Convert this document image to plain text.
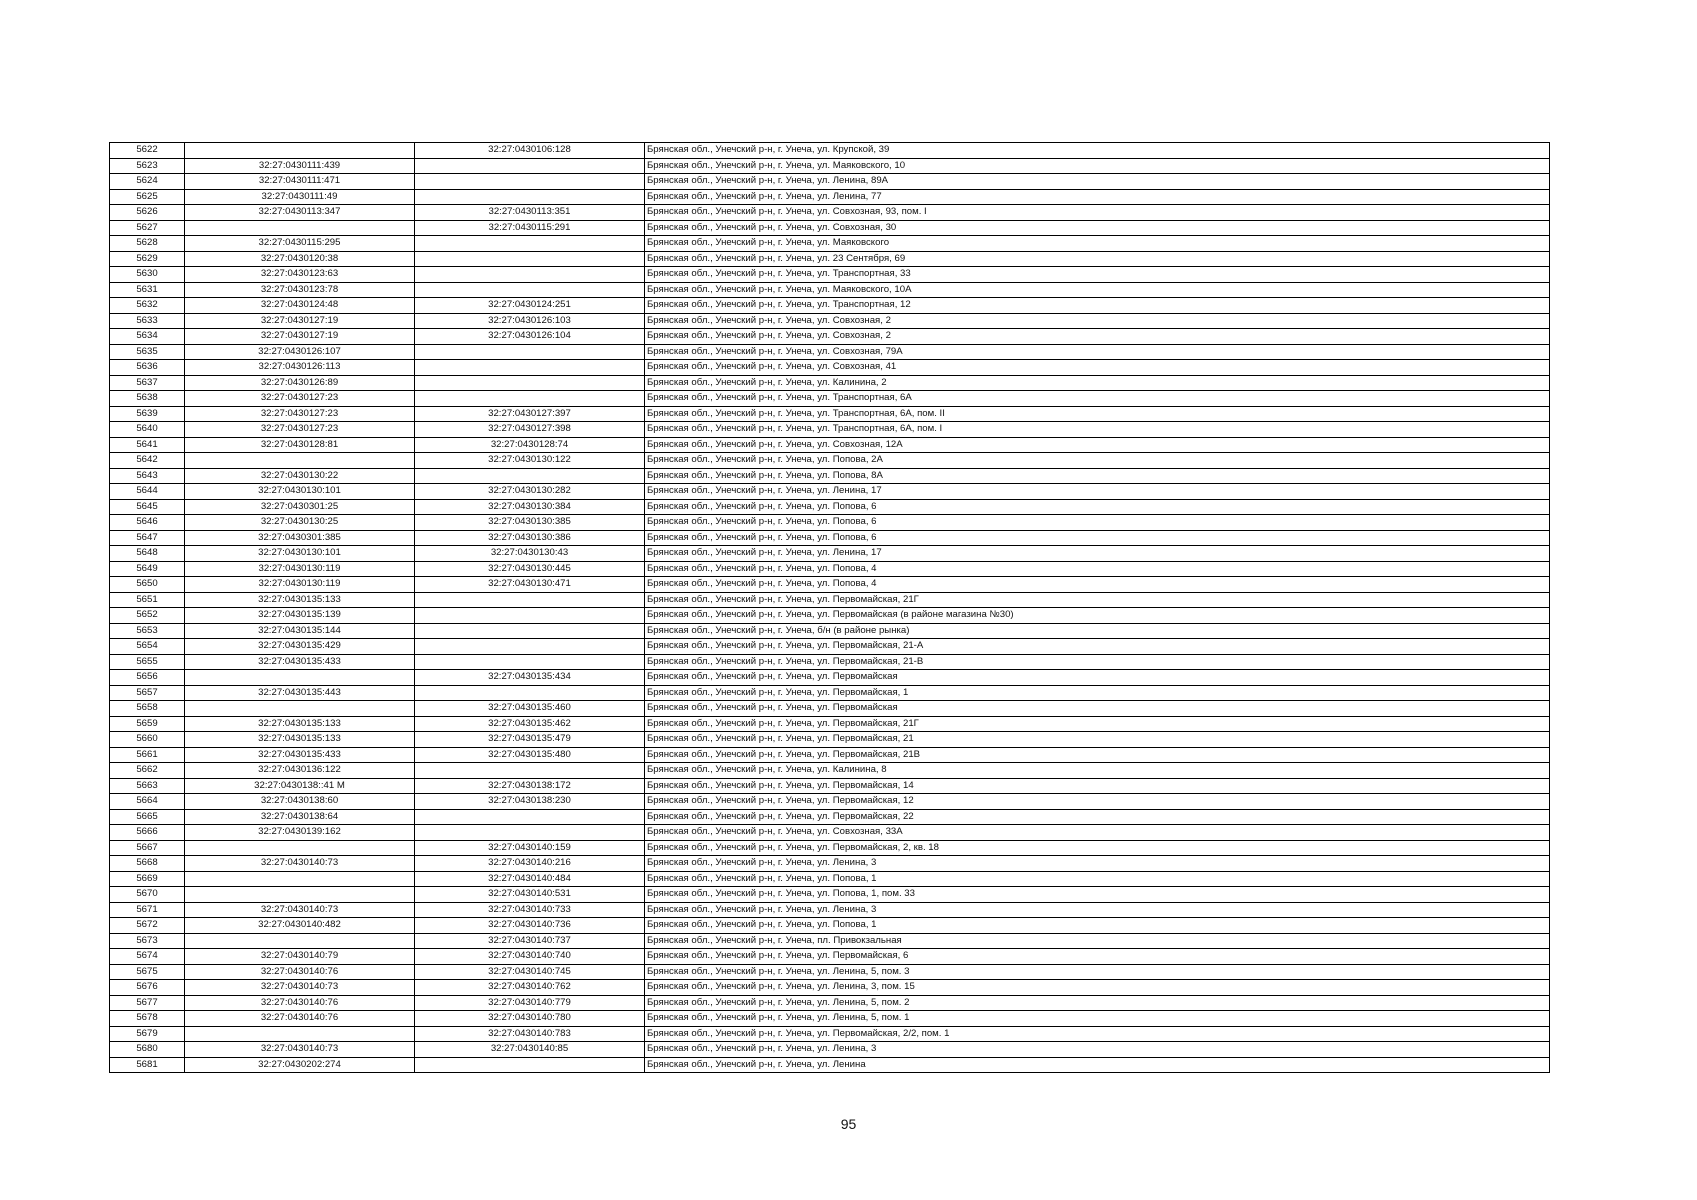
5622		32:27:0430106:128	Брянская обл., Унечский р-н, г. Унеча, ул. Крупской, 39
5623	32:27:0430111:439		Брянская обл., Унечский р-н, г. Унеча, ул. Маяковского, 10
5624	32:27:0430111:471		Брянская обл., Унечский р-н, г. Унеча, ул. Ленина, 89А
5625	32:27:0430111:49		Брянская обл., Унечский р-н, г. Унеча, ул. Ленина, 77
5626	32:27:0430113:347	32:27:0430113:351	Брянская обл., Унечский р-н, г. Унеча, ул. Совхозная, 93, пом. I
5627		32:27:0430115:291	Брянская обл., Унечский р-н, г. Унеча, ул. Совхозная, 30
5628	32:27:0430115:295		Брянская обл., Унечский р-н, г. Унеча, ул. Маяковского
5629	32:27:0430120:38		Брянская обл., Унечский р-н, г. Унеча, ул. 23 Сентября, 69
5630	32:27:0430123:63		Брянская обл., Унечский р-н, г. Унеча, ул. Транспортная, 33
5631	32:27:0430123:78		Брянская обл., Унечский р-н, г. Унеча, ул. Маяковского, 10А
5632	32:27:0430124:48	32:27:0430124:251	Брянская обл., Унечский р-н, г. Унеча, ул. Транспортная, 12
5633	32:27:0430127:19	32:27:0430126:103	Брянская обл., Унечский р-н, г. Унеча, ул. Совхозная, 2
5634	32:27:0430127:19	32:27:0430126:104	Брянская обл., Унечский р-н, г. Унеча, ул. Совхозная, 2
5635	32:27:0430126:107		Брянская обл., Унечский р-н, г. Унеча, ул. Совхозная, 79А
5636	32:27:0430126:113		Брянская обл., Унечский р-н, г. Унеча, ул. Совхозная, 41
5637	32:27:0430126:89		Брянская обл., Унечский р-н, г. Унеча, ул. Калинина, 2
5638	32:27:0430127:23		Брянская обл., Унечский р-н, г. Унеча, ул. Транспортная, 6А
5639	32:27:0430127:23	32:27:0430127:397	Брянская обл., Унечский р-н, г. Унеча, ул. Транспортная, 6А, пом. II
5640	32:27:0430127:23	32:27:0430127:398	Брянская обл., Унечский р-н, г. Унеча, ул. Транспортная, 6А, пом. I
5641	32:27:0430128:81	32:27:0430128:74	Брянская обл., Унечский р-н, г. Унеча, ул. Совхозная, 12А
5642		32:27:0430130:122	Брянская обл., Унечский р-н, г. Унеча, ул. Попова, 2А
5643	32:27:0430130:22		Брянская обл., Унечский р-н, г. Унеча, ул. Попова, 8А
5644	32:27:0430130:101	32:27:0430130:282	Брянская обл., Унечский р-н, г. Унеча, ул. Ленина, 17
5645	32:27:0430301:25	32:27:0430130:384	Брянская обл., Унечский р-н, г. Унеча, ул. Попова, 6
5646	32:27:0430130:25	32:27:0430130:385	Брянская обл., Унечский р-н, г. Унеча, ул. Попова, 6
5647	32:27:0430301:385	32:27:0430130:386	Брянская обл., Унечский р-н, г. Унеча, ул. Попова, 6
5648	32:27:0430130:101	32:27:0430130:43	Брянская обл., Унечский р-н, г. Унеча, ул. Ленина, 17
5649	32:27:0430130:119	32:27:0430130:445	Брянская обл., Унечский р-н, г. Унеча, ул. Попова, 4
5650	32:27:0430130:119	32:27:0430130:471	Брянская обл., Унечский р-н, г. Унеча, ул. Попова, 4
5651	32:27:0430135:133		Брянская обл., Унечский р-н, г. Унеча, ул. Первомайская, 21Г
5652	32:27:0430135:139		Брянская обл., Унечский р-н, г. Унеча, ул. Первомайская (в районе магазина №30)
5653	32:27:0430135:144		Брянская обл., Унечский р-н, г. Унеча, б/н (в районе рынка)
5654	32:27:0430135:429		Брянская обл., Унечский р-н, г. Унеча, ул. Первомайская, 21-А
5655	32:27:0430135:433		Брянская обл., Унечский р-н, г. Унеча, ул. Первомайская, 21-В
5656		32:27:0430135:434	Брянская обл., Унечский р-н, г. Унеча, ул. Первомайская
5657	32:27:0430135:443		Брянская обл., Унечский р-н, г. Унеча, ул. Первомайская, 1
5658		32:27:0430135:460	Брянская обл., Унечский р-н, г. Унеча, ул. Первомайская
5659	32:27:0430135:133	32:27:0430135:462	Брянская обл., Унечский р-н, г. Унеча, ул. Первомайская, 21Г
5660	32:27:0430135:133	32:27:0430135:479	Брянская обл., Унечский р-н, г. Унеча, ул. Первомайская, 21
5661	32:27:0430135:433	32:27:0430135:480	Брянская обл., Унечский р-н, г. Унеча, ул. Первомайская, 21В
5662	32:27:0430136:122		Брянская обл., Унечский р-н, г. Унеча, ул. Калинина, 8
5663	32:27:0430138::41 М	32:27:0430138:172	Брянская обл., Унечский р-н, г. Унеча, ул. Первомайская, 14
5664	32:27:0430138:60	32:27:0430138:230	Брянская обл., Унечский р-н, г. Унеча, ул. Первомайская, 12
5665	32:27:0430138:64		Брянская обл., Унечский р-н, г. Унеча, ул. Первомайская, 22
5666	32:27:0430139:162		Брянская обл., Унечский р-н, г. Унеча, ул. Совхозная, 33А
5667		32:27:0430140:159	Брянская обл., Унечский р-н, г. Унеча, ул. Первомайская, 2, кв. 18
5668	32:27:0430140:73	32:27:0430140:216	Брянская обл., Унечский р-н, г. Унеча, ул. Ленина, 3
5669		32:27:0430140:484	Брянская обл., Унечский р-н, г. Унеча, ул. Попова, 1
5670		32:27:0430140:531	Брянская обл., Унечский р-н, г. Унеча, ул. Попова, 1, пом. 33
5671	32:27:0430140:73	32:27:0430140:733	Брянская обл., Унечский р-н, г. Унеча, ул. Ленина, 3
5672	32:27:0430140:482	32:27:0430140:736	Брянская обл., Унечский р-н, г. Унеча, ул. Попова, 1
5673		32:27:0430140:737	Брянская обл., Унечский р-н, г. Унеча, пл. Привокзальная
5674	32:27:0430140:79	32:27:0430140:740	Брянская обл., Унечский р-н, г. Унеча, ул. Первомайская, 6
5675	32:27:0430140:76	32:27:0430140:745	Брянская обл., Унечский р-н, г. Унеча, ул. Ленина, 5, пом. 3
5676	32:27:0430140:73	32:27:0430140:762	Брянская обл., Унечский р-н, г. Унеча, ул. Ленина, 3, пом. 15
5677	32:27:0430140:76	32:27:0430140:779	Брянская обл., Унечский р-н, г. Унеча, ул. Ленина, 5, пом. 2
5678	32:27:0430140:76	32:27:0430140:780	Брянская обл., Унечский р-н, г. Унеча, ул. Ленина, 5, пом. 1
5679		32:27:0430140:783	Брянская обл., Унечский р-н, г. Унеча, ул. Первомайская, 2/2, пом. 1
5680	32:27:0430140:73	32:27:0430140:85	Брянская обл., Унечский р-н, г. Унеча, ул. Ленина, 3
5681	32:27:0430202:274		Брянская обл., Унечский р-н, г. Унеча, ул. Ленина
95
